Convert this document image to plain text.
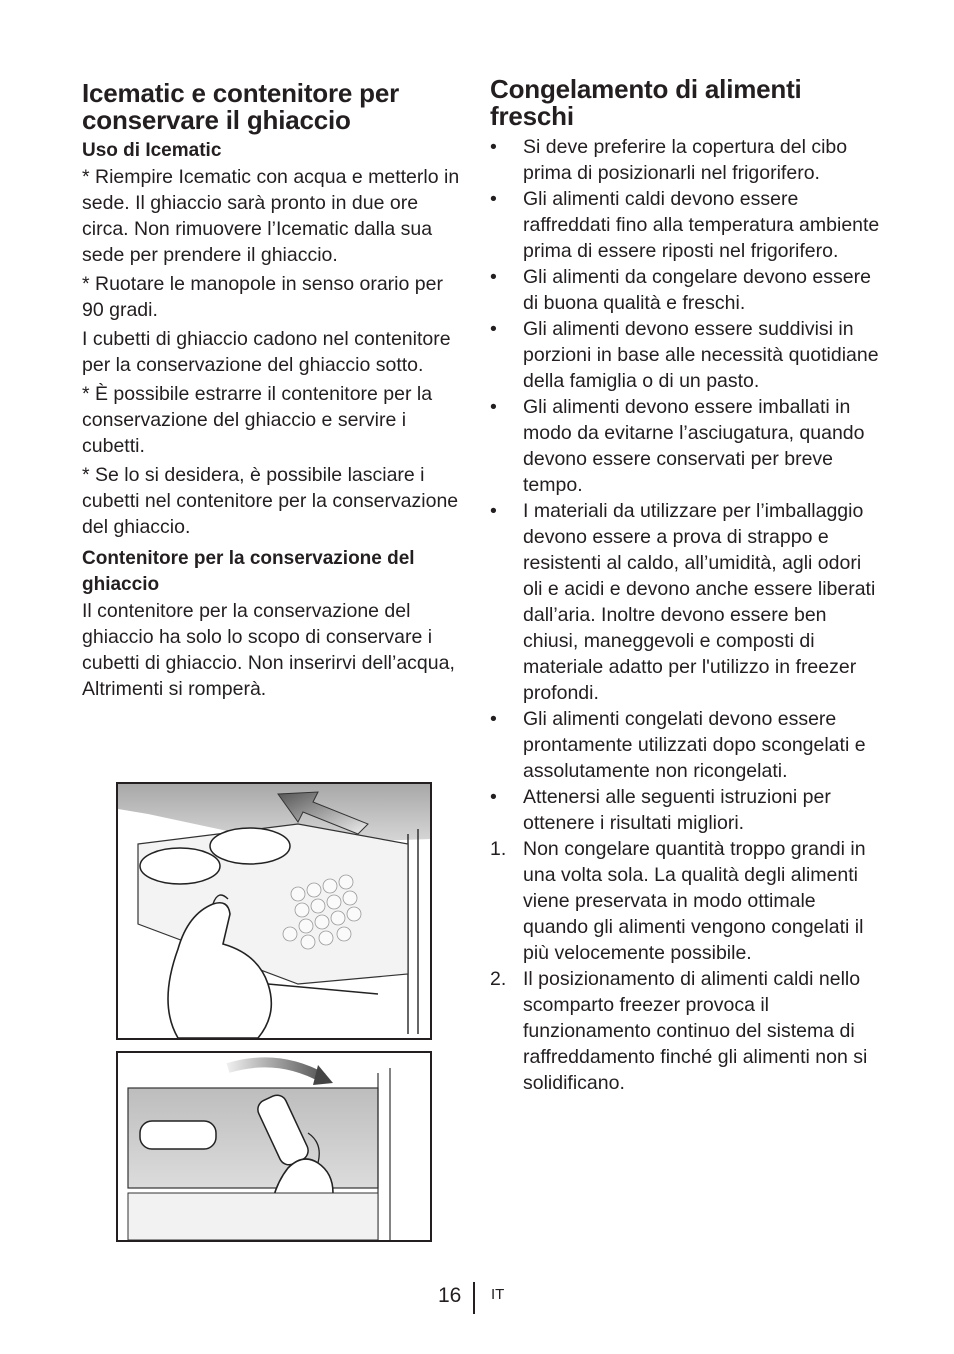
Icematic e contenitore per conservare il ghiaccio
Uso di Icematic

* Riempire Icematic con acqua e metterlo in sede. Il ghiaccio sarà pronto in due ore circa. Non rimuovere l’Icematic dalla sua sede per prendere il ghiaccio.

* Ruotare le manopole in senso orario per 90 gradi.

I cubetti di ghiaccio cadono nel contenitore per la conservazione del ghiaccio sotto.

* È possibile estrarre il contenitore per la conservazione del ghiaccio e servire i cubetti.

* Se lo si desidera, è possibile lasciare i cubetti nel contenitore per la conservazione del ghiaccio.

Contenitore per la conservazione del ghiaccio

Il contenitore per la conservazione del ghiaccio ha solo lo scopo di conservare i cubetti di ghiaccio. Non inserirvi dell’acqua, Altrimenti si romperà.

Congelamento di alimenti freschi
•	Si deve preferire la copertura del cibo prima di posizionarli nel frigorifero.
•	Gli alimenti caldi devono essere raffreddati fino alla temperatura ambiente prima di essere riposti nel frigorifero.
•	Gli alimenti da congelare devono essere di buona qualità e freschi.
•	Gli alimenti devono essere suddivisi in porzioni in base alle necessità quotidiane della famiglia o di un pasto.
•	Gli alimenti devono essere imballati in modo da evitarne l’asciugatura, quando devono essere conservati per breve tempo.
•	I materiali da utilizzare per l’imballaggio devono essere a prova di strappo e resistenti al caldo, all’umidità, agli odori oli e acidi e devono anche essere liberati dall’aria. Inoltre devono essere ben chiusi, maneggevoli e composti di materiale adatto per l'utilizzo in freezer profondi.
•	Gli alimenti congelati devono essere prontamente utilizzati dopo scongelati e assolutamente non ricongelati.
•	Attenersi alle seguenti istruzioni per ottenere i risultati migliori.
1. Non congelare quantità troppo grandi in una volta sola. La qualità degli alimenti viene preservata in modo ottimale quando gli alimenti vengono congelati il più velocemente possibile.
2. Il posizionamento di alimenti caldi nello scomparto freezer provoca il funzionamento continuo del sistema di raffreddamento finché gli alimenti non si solidificano.
16 IT
